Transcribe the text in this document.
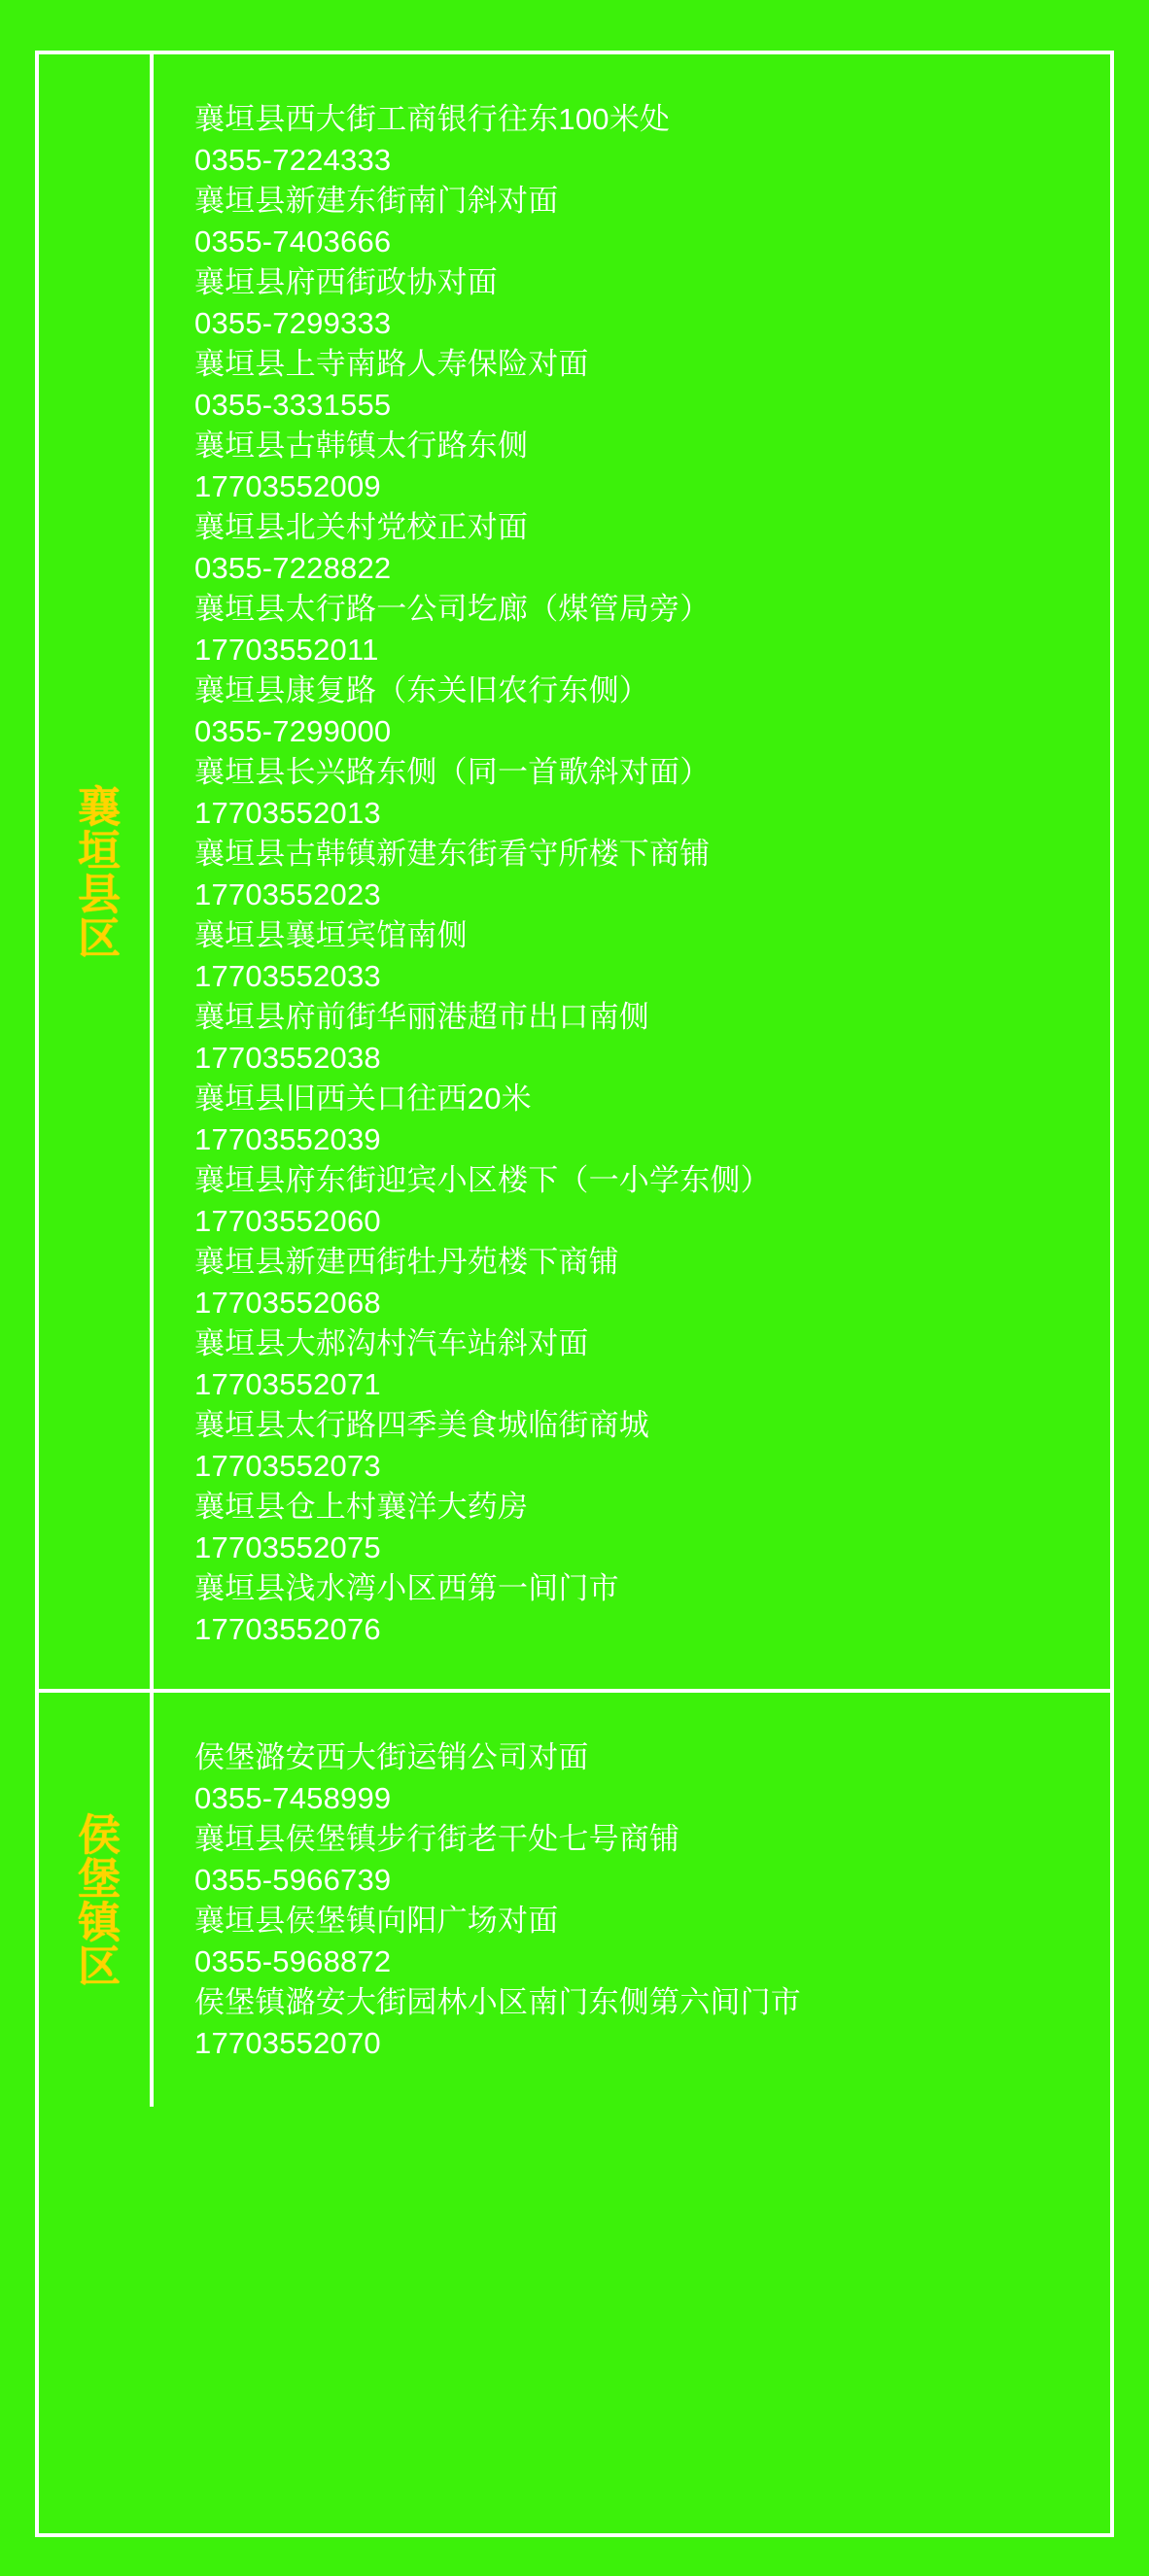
襄垣县区
襄垣县西大街工商银行往东100米处
0355-7224333
襄垣县新建东街南门斜对面
0355-7403666
襄垣县府西街政协对面
0355-7299333
襄垣县上寺南路人寿保险对面
0355-3331555
襄垣县古韩镇太行路东侧
17703552009
襄垣县北关村党校正对面
0355-7228822
襄垣县太行路一公司圪廊（煤管局旁）
17703552011
襄垣县康复路（东关旧农行东侧）
0355-7299000
襄垣县长兴路东侧（同一首歌斜对面）
17703552013
襄垣县古韩镇新建东街看守所楼下商铺
17703552023
襄垣县襄垣宾馆南侧
17703552033
襄垣县府前街华丽港超市出口南侧
17703552038
襄垣县旧西关口往西20米
17703552039
襄垣县府东街迎宾小区楼下（一小学东侧）
17703552060
襄垣县新建西街牡丹苑楼下商铺
17703552068
襄垣县大郝沟村汽车站斜对面
17703552071
襄垣县太行路四季美食城临街商城
17703552073
襄垣县仓上村襄洋大药房
17703552075
襄垣县浅水湾小区西第一间门市
17703552076
侯堡镇区
侯堡潞安西大街运销公司对面
0355-7458999
襄垣县侯堡镇步行街老干处七号商铺
0355-5966739
襄垣县侯堡镇向阳广场对面
0355-5968872
侯堡镇潞安大街园林小区南门东侧第六间门市
17703552070
